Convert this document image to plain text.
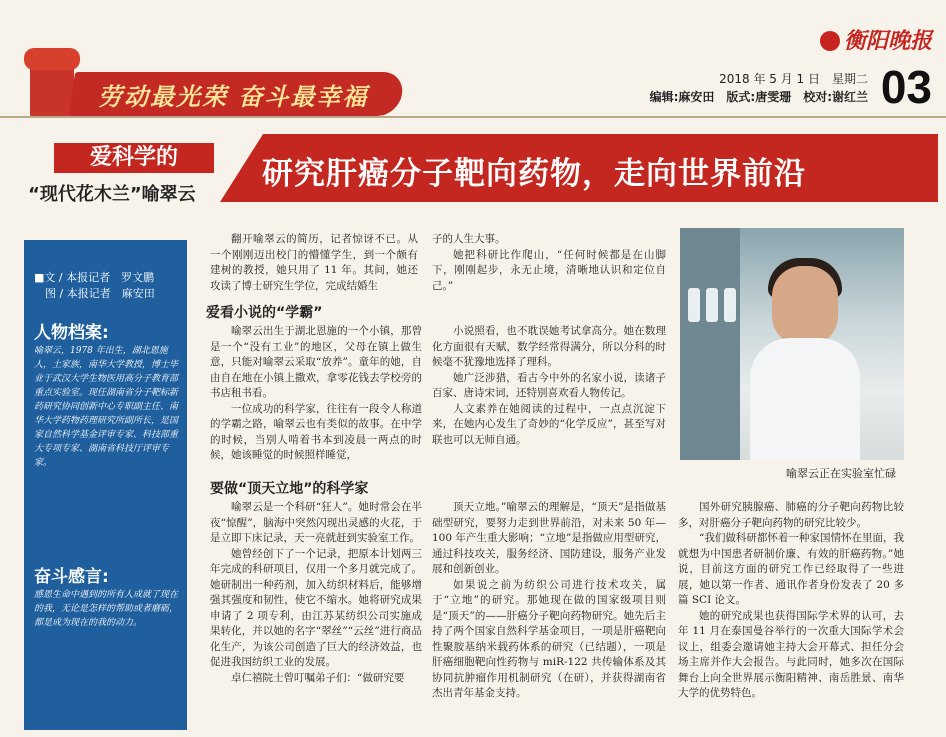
劳动最光荣 奋斗最幸福
衡阳晚报
2018 年 5 月 1 日　星期二
编辑:麻安田　版式:唐雯珊　校对:谢红兰 03
爱科学的
“现代花木兰”喻翠云
研究肝癌分子靶向药物，走向世界前沿
■文 / 本报记者　罗文鹏
　图 / 本报记者　麻安田
人物档案:
喻翠云，1978 年出生，湖北恩施人，土家族，南华大学教授，博士毕业于武汉大学生物医用高分子教育部重点实验室。现任湖南省分子靶标新药研究协同创新中心专职副主任、南华大学药物药理研究所副所长，是国家自然科学基金评审专家、科技部重大专项专家、湖南省科技厅评审专家。
奋斗感言:
感恩生命中遇到的所有人成就了现在的我，无论是怎样的帮助或者磨砺，都是成为现在的我的动力。

翻开喻翠云的简历，记者惊讶不已。从一个刚刚迈出校门的懵懂学生，到一个颇有建树的教授，她只用了 11 年。其间，她还攻读了博士研究生学位，完成结婚生

子的人生大事。

她把科研比作爬山，“任何时候都是在山脚下，刚刚起步，永无止境，清晰地认识和定位自己。”

爱看小说的“学霸”

喻翠云出生于湖北恩施的一个小镇，那曾是一个“没有工业”的地区，父母在镇上做生意，只能对喻翠云采取“放养”。童年的她，自由自在地在小镇上撒欢，拿零花钱去学校旁的书店租书看。

一位成功的科学家，往往有一段令人称道的学霸之路，喻翠云也有类似的故事。在中学的时候，当别人啃着书本到凌晨一两点的时候，她该睡觉的时候照样睡觉，

小说照看，也不耽误她考试拿高分。她在数理化方面很有天赋，数学经常得满分，所以分科的时候毫不犹豫地选择了理科。

她广泛涉猎，看古今中外的名家小说，读诸子百家、唐诗宋词，还特别喜欢看人物传记。

人文素养在她阅读的过程中，一点点沉淀下来，在她内心发生了奇妙的“化学反应”，甚至写对联也可以无师自通。

喻翠云正在实验室忙碌
要做“顶天立地”的科学家

喻翠云是一个科研“狂人”。她时常会在半夜“惊醒”，脑海中突然闪现出灵感的火花，于是立即下床记录，天一亮就赶到实验室工作。

她曾经创下了一个记录，把原本计划两三年完成的科研项目，仅用一个多月就完成了。她研制出一种药剂，加入纺织材料后，能够增强其强度和韧性，使它不缩水。她将研究成果申请了 2 项专利，由江苏某纺织公司实施成果转化，并以她的名字“翠丝”“云丝”进行商品化生产，为该公司创造了巨大的经济效益，也促进我国纺织工业的发展。

卓仁禧院士曾叮嘱弟子们：“做研究要

顶天立地。”喻翠云的理解是，“顶天”是指做基础型研究，要努力走到世界前沿，对未来 50 年—100 年产生重大影响；“立地”是指做应用型研究，通过科技攻关，服务经济、国防建设，服务产业发展和创新创业。

如果说之前为纺织公司进行技术攻关，属于“立地”的研究。那她现在做的国家级项目则是“顶天”的——肝癌分子靶向药物研究。她先后主持了两个国家自然科学基金项目，一项是肝癌靶向性聚胺基纳米载药体系的研究（已结题），一项是肝癌细胞靶向性药物与 miR-122 共传输体系及其协同抗肿瘤作用机制研究（在研），并获得湖南省杰出青年基金支持。

国外研究胰腺癌、肺癌的分子靶向药物比较多，对肝癌分子靶向药物的研究比较少。

“我们做科研都怀着一种家国情怀在里面，我就想为中国患者研制价廉、有效的肝癌药物。”她说，目前这方面的研究工作已经取得了一些进展，她以第一作者、通讯作者身份发表了 20 多篇 SCI 论文。

她的研究成果也获得国际学术界的认可，去年 11 月在泰国曼谷举行的一次重大国际学术会议上，组委会邀请她主持大会开幕式、担任分会场主席并作大会报告。与此同时，她多次在国际舞台上向全世界展示衡阳精神、南岳胜景、南华大学的优势特色。
